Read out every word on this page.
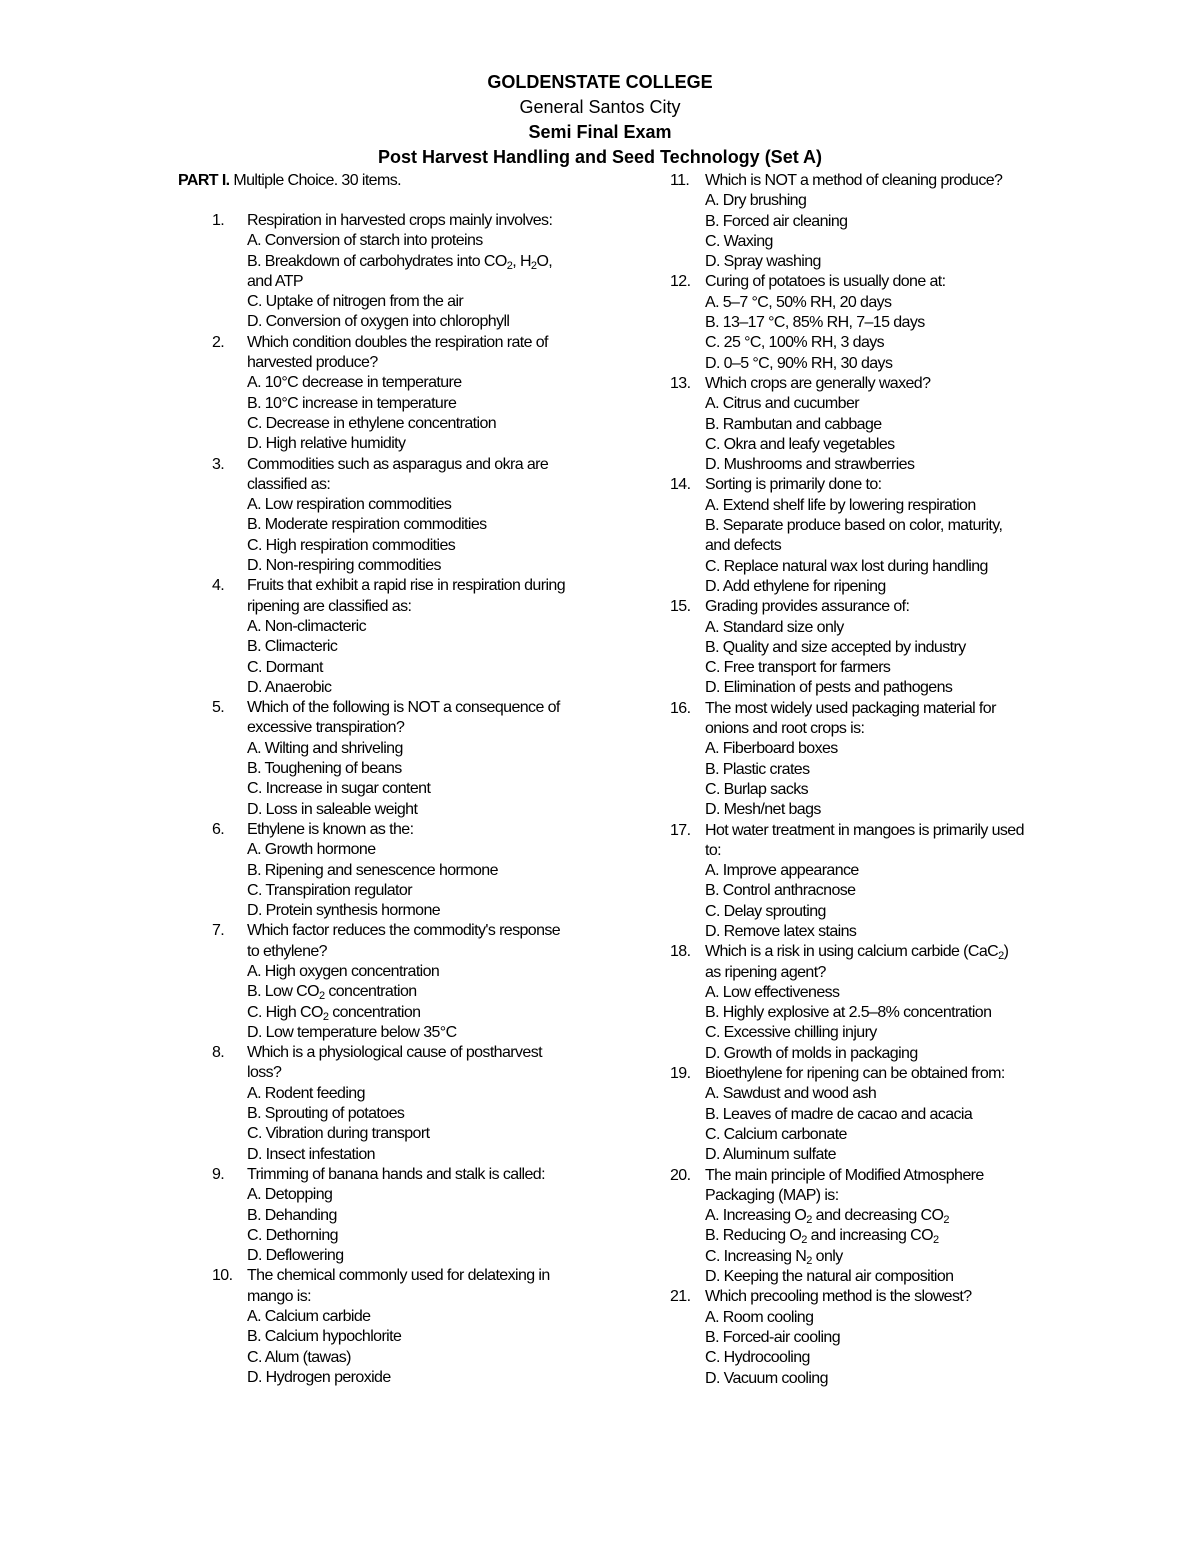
GOLDENSTATE COLLEGE
General Santos City
Semi Final Exam
Post Harvest Handling and Seed Technology (Set A)
PART I. Multiple Choice. 30 items.
1. Respiration in harvested crops mainly involves:
A. Conversion of starch into proteins
B. Breakdown of carbohydrates into $CO_2$, $H_2O$,
and ATP
C. Uptake of nitrogen from the air
D. Conversion of oxygen into chlorophyll
2. Which condition doubles the respiration rate of
harvested produce?
A. 10°C decrease in temperature
B. 10°C increase in temperature
C. Decrease in ethylene concentration
D. High relative humidity
3. Commodities such as asparagus and okra are
classified as:
A. Low respiration commodities
B. Moderate respiration commodities
C. High respiration commodities
D. Non-respiring commodities
4. Fruits that exhibit a rapid rise in respiration during
ripening are classified as:
A. Non-climacteric
B. Climacteric
C. Dormant
D. Anaerobic
5. Which of the following is NOT a consequence of
excessive transpiration?
A. Wilting and shriveling
B. Toughening of beans
C. Increase in sugar content
D. Loss in saleable weight
6. Ethylene is known as the:
A. Growth hormone
B. Ripening and senescence hormone
C. Transpiration regulator
D. Protein synthesis hormone
7. Which factor reduces the commodity's response
to ethylene?
A. High oxygen concentration
B. Low $CO_2$ concentration
C. High $CO_2$ concentration
D. Low temperature below 35°C
8. Which is a physiological cause of postharvest
loss?
A. Rodent feeding
B. Sprouting of potatoes
C. Vibration during transport
D. Insect infestation
9. Trimming of banana hands and stalk is called:
A. Detopping
B. Dehanding
C. Dethorning
D. Deflowering
10. The chemical commonly used for delatexing in
mango is:
A. Calcium carbide
B. Calcium hypochlorite
C. Alum (tawas)
D. Hydrogen peroxide
11. Which is NOT a method of cleaning produce?
A. Dry brushing
B. Forced air cleaning
C. Waxing
D. Spray washing
12. Curing of potatoes is usually done at:
A. 5–7 °C, 50% RH, 20 days
B. 13–17 °C, 85% RH, 7–15 days
C. 25 °C, 100% RH, 3 days
D. 0–5 °C, 90% RH, 30 days
13. Which crops are generally waxed?
A. Citrus and cucumber
B. Rambutan and cabbage
C. Okra and leafy vegetables
D. Mushrooms and strawberries
14. Sorting is primarily done to:
A. Extend shelf life by lowering respiration
B. Separate produce based on color, maturity,
and defects
C. Replace natural wax lost during handling
D. Add ethylene for ripening
15. Grading provides assurance of:
A. Standard size only
B. Quality and size accepted by industry
C. Free transport for farmers
D. Elimination of pests and pathogens
16. The most widely used packaging material for
onions and root crops is:
A. Fiberboard boxes
B. Plastic crates
C. Burlap sacks
D. Mesh/net bags
17. Hot water treatment in mangoes is primarily used
to:
A. Improve appearance
B. Control anthracnose
C. Delay sprouting
D. Remove latex stains
18. Which is a risk in using calcium carbide (CaC$_2$)
as ripening agent?
A. Low effectiveness
B. Highly explosive at 2.5–8% concentration
C. Excessive chilling injury
D. Growth of molds in packaging
19. Bioethylene for ripening can be obtained from:
A. Sawdust and wood ash
B. Leaves of madre de cacao and acacia
C. Calcium carbonate
D. Aluminum sulfate
20. The main principle of Modified Atmosphere
Packaging (MAP) is:
A. Increasing $O_2$ and decreasing $CO_2$
B. Reducing $O_2$ and increasing $CO_2$
C. Increasing $N_2$ only
D. Keeping the natural air composition
21. Which precooling method is the slowest?
A. Room cooling
B. Forced-air cooling
C. Hydrocooling
D. Vacuum cooling
